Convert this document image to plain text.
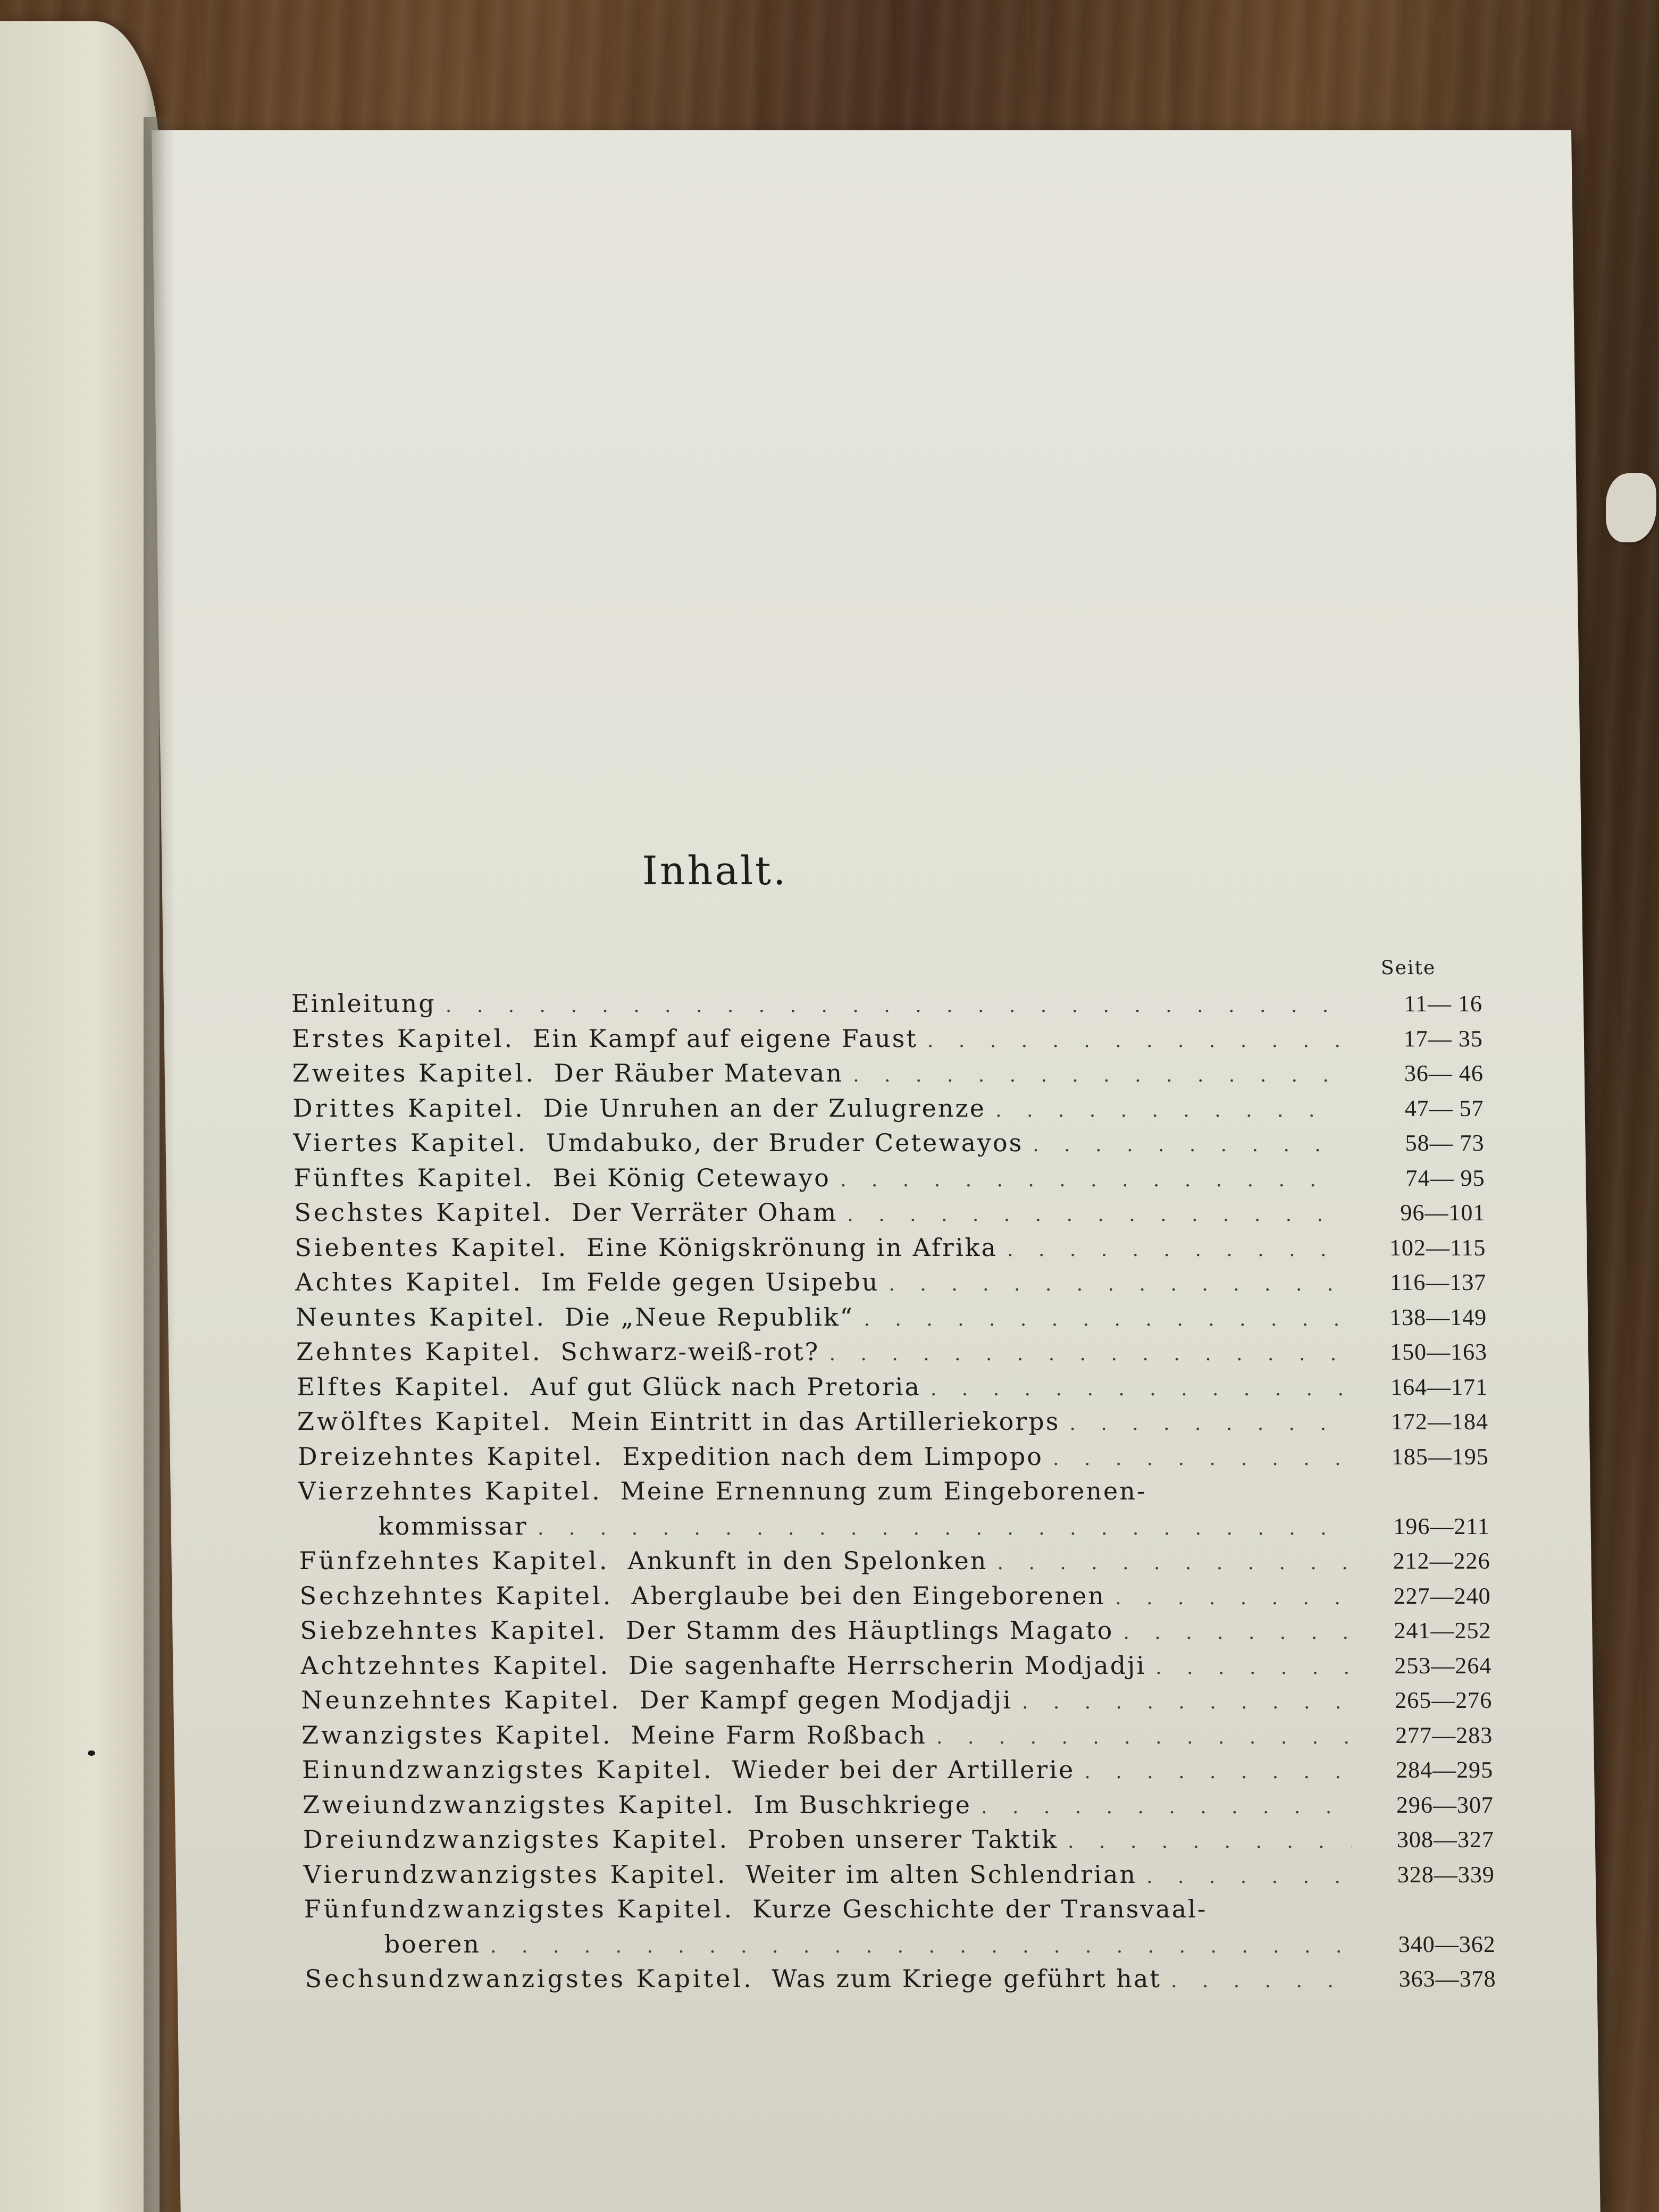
Inhalt.
Seite
Einleitung . . .	11— 16
Erstes Kapitel. Ein Kampf auf eigene Faust . . .	17— 35
Zweites Kapitel. Der Räuber Matevan . . .	36— 46
Drittes Kapitel. Die Unruhen an der Zulugrenze . . .	47— 57
Viertes Kapitel. Umdabuko, der Bruder Cetewayos . . .	58— 73
Fünftes Kapitel. Bei König Cetewayo . . .	74— 95
Sechstes Kapitel. Der Verräter Oham . . .	96—101
Siebentes Kapitel. Eine Königskrönung in Afrika . . .	102—115
Achtes Kapitel. Im Felde gegen Usipebu . . .	116—137
Neuntes Kapitel. Die „Neue Republik“ . . .	138—149
Zehntes Kapitel. Schwarz-weiß-rot? . . .	150—163
Elftes Kapitel. Auf gut Glück nach Pretoria . . .	164—171
Zwölftes Kapitel. Mein Eintritt in das Artilleriekorps . . .	172—184
Dreizehntes Kapitel. Expedition nach dem Limpopo . . .	185—195
Vierzehntes Kapitel. Meine Ernennung zum Eingeborenen-
kommissar . . .	196—211
Fünfzehntes Kapitel. Ankunft in den Spelonken . . .	212—226
Sechzehntes Kapitel. Aberglaube bei den Eingeborenen . . .	227—240
Siebzehntes Kapitel. Der Stamm des Häuptlings Magato . . .	241—252
Achtzehntes Kapitel. Die sagenhafte Herrscherin Modjadji . . .	253—264
Neunzehntes Kapitel. Der Kampf gegen Modjadji . . .	265—276
Zwanzigstes Kapitel. Meine Farm Roßbach . . .	277—283
Einundzwanzigstes Kapitel. Wieder bei der Artillerie . . .	284—295
Zweiundzwanzigstes Kapitel. Im Buschkriege . . .	296—307
Dreiundzwanzigstes Kapitel. Proben unserer Taktik . . .	308—327
Vierundzwanzigstes Kapitel. Weiter im alten Schlendrian . . .	328—339
Fünfundzwanzigstes Kapitel. Kurze Geschichte der Transvaal-
boeren . . .	340—362
Sechsundzwanzigstes Kapitel. Was zum Kriege geführt hat . . .	363—378
